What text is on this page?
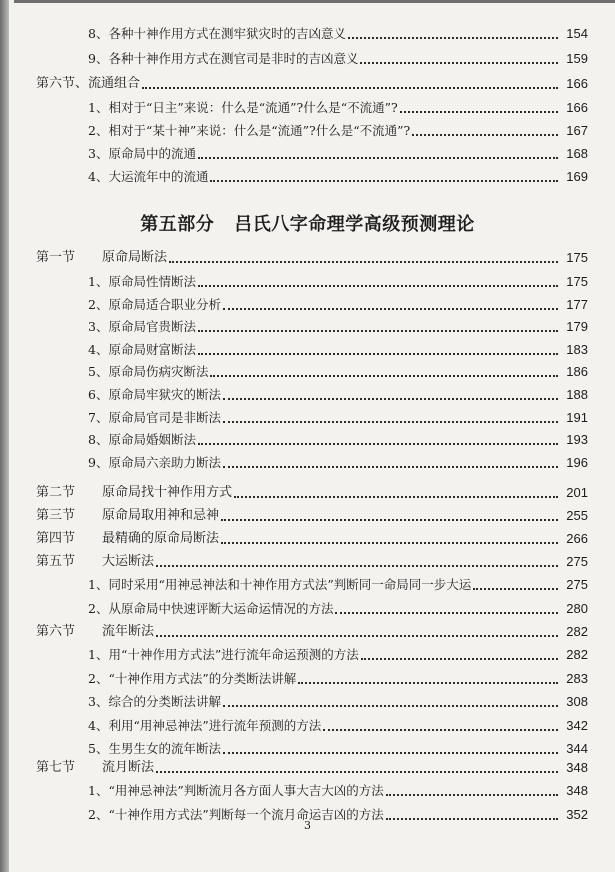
8、各种十神作用方式在测牢狱灾时的吉凶意义	154
9、各种十神作用方式在测官司是非时的吉凶意义	159
第六节、流通组合	166
1、相对于“日主”来说：什么是“流通”?什么是“不流通”?	166
2、相对于“某十神”来说：什么是“流通”?什么是“不流通”?	167
3、原命局中的流通	168
4、大运流年中的流通	169
第五部分 吕氏八字命理学高级预测理论
第一节	原命局断法	175
1、原命局性情断法	175
2、原命局适合职业分析	177
3、原命局官贵断法	179
4、原命局财富断法	183
5、原命局伤病灾断法	186
6、原命局牢狱灾的断法	188
7、原命局官司是非断法	191
8、原命局婚姻断法	193
9、原命局六亲助力断法	196
第二节	原命局找十神作用方式	201
第三节	原命局取用神和忌神	255
第四节	最精确的原命局断法	266
第五节	大运断法	275
1、同时采用“用神忌神法和十神作用方式法”判断同一命局同一步大运	275
2、从原命局中快速评断大运命运情况的方法	280
第六节	流年断法	282
1、用“十神作用方式法”进行流年命运预测的方法	282
2、“十神作用方式法”的分类断法讲解	283
3、综合的分类断法讲解	308
4、利用“用神忌神法”进行流年预测的方法	342
5、生男生女的流年断法	344
第七节	流月断法	348
1、“用神忌神法”判断流月各方面人事大吉大凶的方法	348
2、“十神作用方式法”判断每一个流月命运吉凶的方法	352
3
